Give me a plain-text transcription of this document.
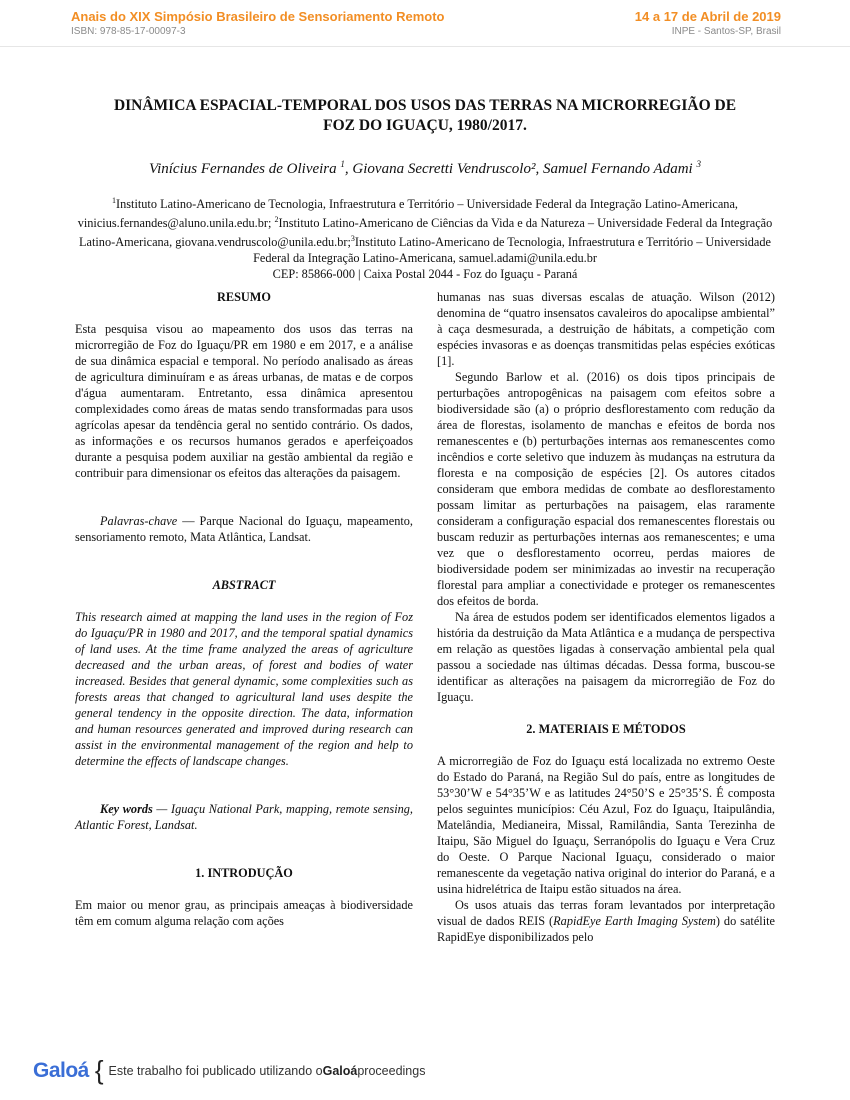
Anais do XIX Simpósio Brasileiro de Sensoriamento Remoto
ISBN: 978-85-17-00097-3
14 a 17 de Abril de 2019
INPE - Santos-SP, Brasil
DINÂMICA ESPACIAL-TEMPORAL DOS USOS DAS TERRAS NA MICRORREGIÃO DE
FOZ DO IGUAÇU, 1980/2017.
Vinícius Fernandes de Oliveira $^1$, Giovana Secretti Vendruscolo², Samuel Fernando Adami $^3$
$^1$Instituto Latino-Americano de Tecnologia, Infraestrutura e Território – Universidade Federal da Integração Latino-Americana, vinicius.fernandes@aluno.unila.edu.br; $^2$Instituto Latino-Americano de Ciências da Vida e da Natureza – Universidade Federal da Integração Latino-Americana, giovana.vendruscolo@unila.edu.br;$^3$Instituto Latino-Americano de Tecnologia, Infraestrutura e Território – Universidade Federal da Integração Latino-Americana, samuel.adami@unila.edu.br
CEP: 85866-000 | Caixa Postal 2044 - Foz do Iguaçu - Paraná
RESUMO

Esta pesquisa visou ao mapeamento dos usos das terras na microrregião de Foz do Iguaçu/PR em 1980 e em 2017, e a análise de sua dinâmica espacial e temporal. No período analisado as áreas de agricultura diminuíram e as áreas urbanas, de matas e de corpos d'água aumentaram. Entretanto, essa dinâmica apresentou complexidades como áreas de matas sendo transformadas para usos agrícolas apesar da tendência geral no sentido contrário. Os dados, as informações e os recursos humanos gerados e aperfeiçoados durante a pesquisa podem auxiliar na gestão ambiental da região e contribuir para dimensionar os efeitos das alterações da paisagem.

Palavras-chave — Parque Nacional do Iguaçu, mapeamento, sensoriamento remoto, Mata Atlântica, Landsat.

ABSTRACT

This research aimed at mapping the land uses in the region of Foz do Iguaçu/PR in 1980 and 2017, and the temporal spatial dynamics of land uses. At the time frame analyzed the areas of agriculture decreased and the urban areas, of forest and bodies of water increased. Besides that general dynamic, some complexities such as forests areas that changed to agricultural land uses despite the general tendency in the opposite direction. The data, information and human resources generated and improved during research can assist in the environmental management of the region and help to determine the effects of landscape changes.

Key words — Iguaçu National Park, mapping, remote sensing, Atlantic Forest, Landsat.

1. INTRODUÇÃO

Em maior ou menor grau, as principais ameaças à biodiversidade têm em comum alguma relação com ações

humanas nas suas diversas escalas de atuação. Wilson (2012) denomina de “quatro insensatos cavaleiros do apocalipse ambiental” à caça desmesurada, a destruição de hábitats, a competição com espécies invasoras e as doenças transmitidas pelas espécies exóticas [1].

Segundo Barlow et al. (2016) os dois tipos principais de perturbações antropogênicas na paisagem com efeitos sobre a biodiversidade são (a) o próprio desflorestamento com redução da área de florestas, isolamento de manchas e efeitos de borda nos remanescentes e (b) perturbações internas aos remanescentes como incêndios e corte seletivo que induzem às mudanças na estrutura da floresta e na composição de espécies [2]. Os autores citados consideram que embora medidas de combate ao desflorestamento possam limitar as perturbações na paisagem, elas raramente consideram a configuração espacial dos remanescentes florestais ou buscam reduzir as perturbações internas aos remanescentes; e uma vez que o desflorestamento ocorreu, perdas maiores de biodiversidade podem ser minimizadas ao investir na recuperação florestal para ampliar a conectividade e proteger os remanescentes dos efeitos de borda.

Na área de estudos podem ser identificados elementos ligados a história da destruição da Mata Atlântica e a mudança de perspectiva em relação as questões ligadas à conservação ambiental pela qual passou a sociedade nas últimas décadas. Dessa forma, buscou-se identificar as alterações na paisagem da microrregião de Foz do Iguaçu.

2. MATERIAIS E MÉTODOS

A microrregião de Foz do Iguaçu está localizada no extremo Oeste do Estado do Paraná, na Região Sul do país, entre as longitudes de 53°30’W e 54°35’W e as latitudes 24°50’S e 25°35’S. É composta pelos seguintes municípios: Céu Azul, Foz do Iguaçu, Itaipulândia, Matelândia, Medianeira, Missal, Ramilândia, Santa Terezinha de Itaipu, São Miguel do Iguaçu, Serranópolis do Iguaçu e Vera Cruz do Oeste. O Parque Nacional Iguaçu, considerado o maior remanescente da vegetação nativa original do interior do Paraná, e a usina hidrelétrica de Itaipu estão situados na área.

Os usos atuais das terras foram levantados por interpretação visual de dados REIS (RapidEye Earth Imaging System) do satélite RapidEye disponibilizados pelo

Galoá { Este trabalho foi publicado utilizando o Galoá proceedings
